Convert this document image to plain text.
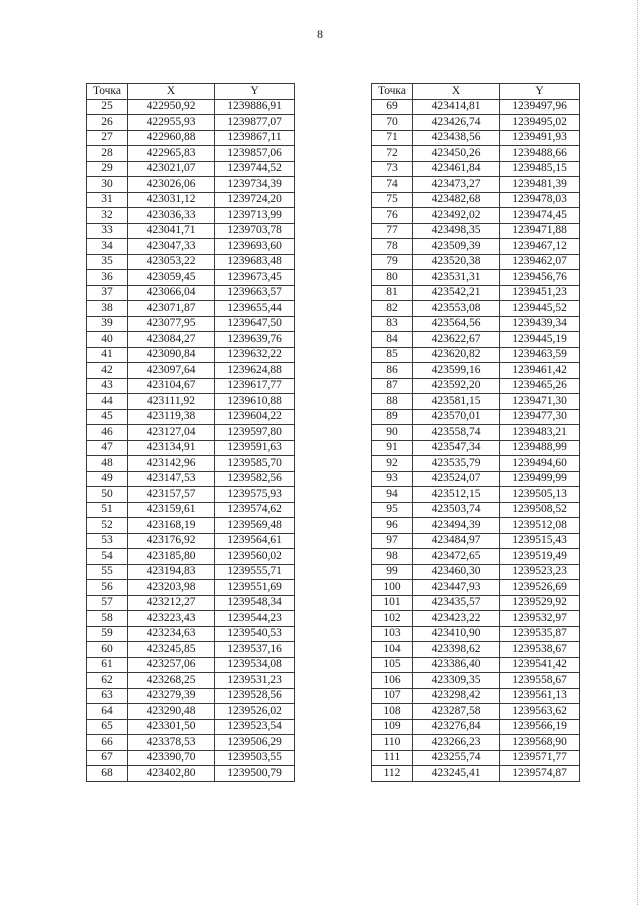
8
Точка	X	Y
25	422950,92	1239886,91
26	422955,93	1239877,07
27	422960,88	1239867,11
28	422965,83	1239857,06
29	423021,07	1239744,52
30	423026,06	1239734,39
31	423031,12	1239724,20
32	423036,33	1239713,99
33	423041,71	1239703,78
34	423047,33	1239693,60
35	423053,22	1239683,48
36	423059,45	1239673,45
37	423066,04	1239663,57
38	423071,87	1239655,44
39	423077,95	1239647,50
40	423084,27	1239639,76
41	423090,84	1239632,22
42	423097,64	1239624,88
43	423104,67	1239617,77
44	423111,92	1239610,88
45	423119,38	1239604,22
46	423127,04	1239597,80
47	423134,91	1239591,63
48	423142,96	1239585,70
49	423147,53	1239582,56
50	423157,57	1239575,93
51	423159,61	1239574,62
52	423168,19	1239569,48
53	423176,92	1239564,61
54	423185,80	1239560,02
55	423194,83	1239555,71
56	423203,98	1239551,69
57	423212,27	1239548,34
58	423223,43	1239544,23
59	423234,63	1239540,53
60	423245,85	1239537,16
61	423257,06	1239534,08
62	423268,25	1239531,23
63	423279,39	1239528,56
64	423290,48	1239526,02
65	423301,50	1239523,54
66	423378,53	1239506,29
67	423390,70	1239503,55
68	423402,80	1239500,79
Точка	X	Y
69	423414,81	1239497,96
70	423426,74	1239495,02
71	423438,56	1239491,93
72	423450,26	1239488,66
73	423461,84	1239485,15
74	423473,27	1239481,39
75	423482,68	1239478,03
76	423492,02	1239474,45
77	423498,35	1239471,88
78	423509,39	1239467,12
79	423520,38	1239462,07
80	423531,31	1239456,76
81	423542,21	1239451,23
82	423553,08	1239445,52
83	423564,56	1239439,34
84	423622,67	1239445,19
85	423620,82	1239463,59
86	423599,16	1239461,42
87	423592,20	1239465,26
88	423581,15	1239471,30
89	423570,01	1239477,30
90	423558,74	1239483,21
91	423547,34	1239488,99
92	423535,79	1239494,60
93	423524,07	1239499,99
94	423512,15	1239505,13
95	423503,74	1239508,52
96	423494,39	1239512,08
97	423484,97	1239515,43
98	423472,65	1239519,49
99	423460,30	1239523,23
100	423447,93	1239526,69
101	423435,57	1239529,92
102	423423,22	1239532,97
103	423410,90	1239535,87
104	423398,62	1239538,67
105	423386,40	1239541,42
106	423309,35	1239558,67
107	423298,42	1239561,13
108	423287,58	1239563,62
109	423276,84	1239566,19
110	423266,23	1239568,90
111	423255,74	1239571,77
112	423245,41	1239574,87
